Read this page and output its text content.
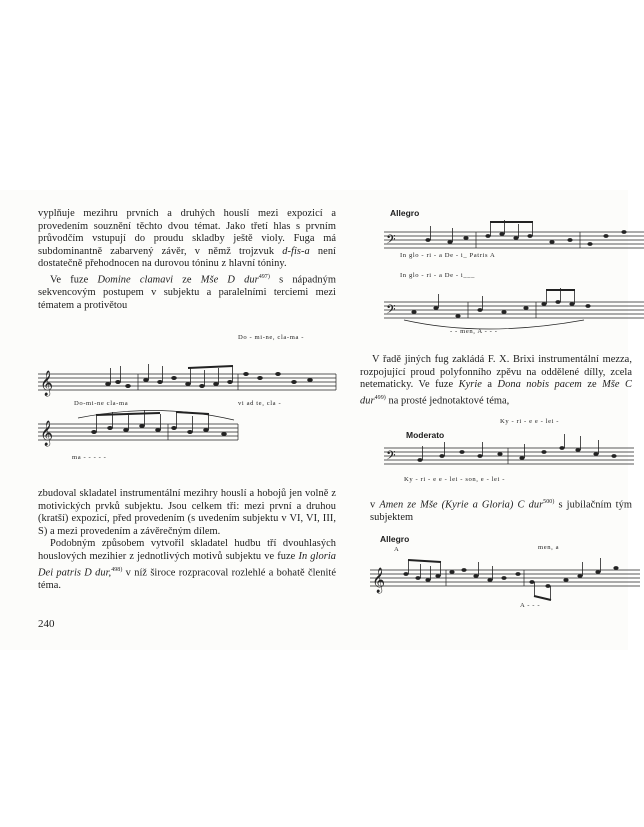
vyplňuje mezihru prvních a druhých houslí mezi expozicí a provedením souznění těchto dvou témat. Jako třetí hlas s prvním průvodčím vstupují do proudu skladby ještě violy. Fuga má subdominantně zabarvený závěr, v němž trojzvuk d-fis-a není dostatečně přehodnocen na durovou tóninu z hlavní tóniny.

Ve fuze Domine clamavi ze Mše D dur$^{497)}$ s nápadným sekvencovým postupem v subjektu a paralelními terciemi mezi tématem a protivětou

Do - mi-ne, cla-ma -
𝄞
𝄞
Do-mi-ne cla-ma	vi ad te, cla -
ma - - - - -

zbudoval skladatel instrumentální mezihry houslí a hobojů jen volně z motivických prvků subjektu. Jsou celkem tři: mezi první a druhou (kratší) expozicí, před provedením (s uvedením subjektu v VI, VI, III, S) a mezi provedením a závěrečným dílem.

Podobným způsobem vytvořil skladatel hudbu tří dvouhlasých houslových mezihier z jednotlivých motivů subjektu ve fuze In gloria Dei patris D dur,$^{498)}$ v níž široce rozpracoval rozlehlé a bohatě členité téma.

240
Allegro
𝄢
𝄢
In glo - ri - a De - i_ Patris A
In glo - ri - a De - i___
- - men, A - - -

V řadě jiných fug zakládá F. X. Brixi instrumentální mezza, rozpojující proud polyfonního zpěvu na oddělené dílly, zcela netematicky. Ve fuze Kyrie a Dona nobis pacem ze Mše C dur$^{499)}$ na prosté jednotaktové téma,

Ky - ri - e e - lei -
Moderato
𝄢
Ky - ri - e e - lei - son, e - lei -

v Amen ze Mše (Kyrie a Gloria) C dur$^{500)}$ s jubilačním tým subjektem

Allegro
A	men, a
𝄞
A - - -
